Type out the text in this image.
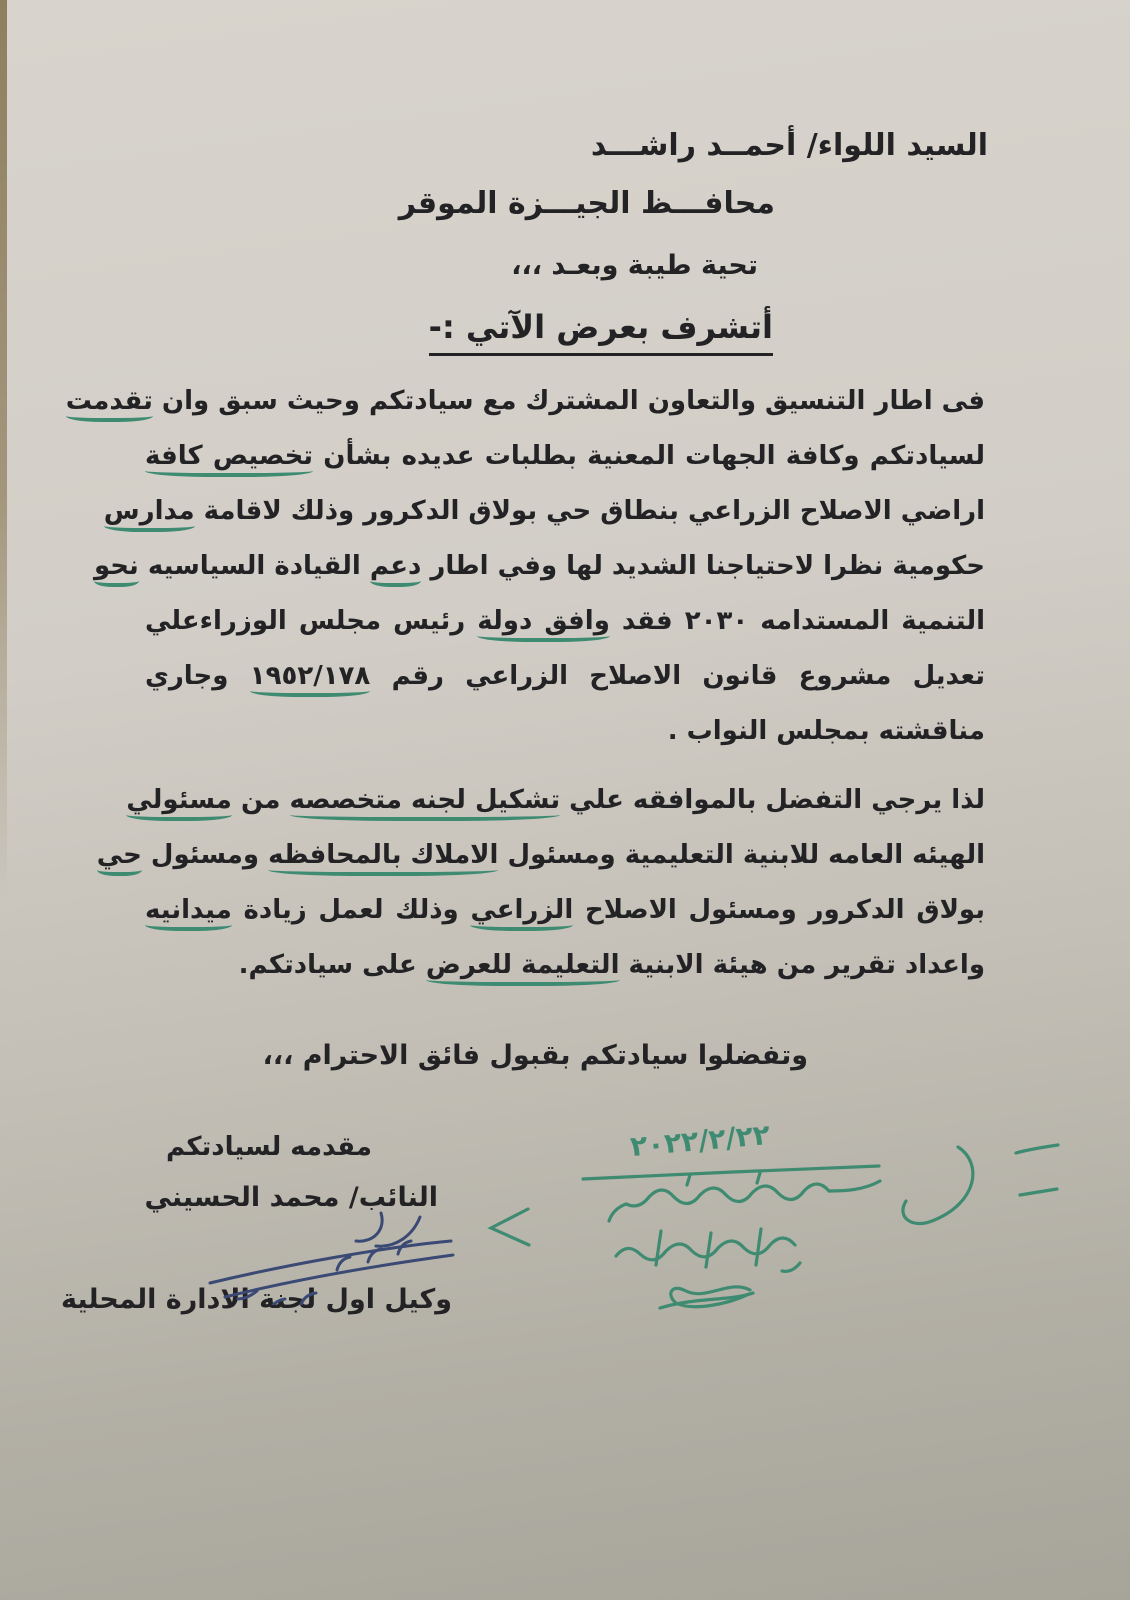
السيد اللواء/ أحمــد راشـــد
محافـــظ الجيـــزة الموقر
تحية طيبة وبعـد ،،،
أتشرف بعرض الآتي :-
فى اطار التنسيق والتعاون المشترك مع سيادتكم وحيث سبق وان تقدمت
لسيادتكم وكافة الجهات المعنية بطلبات عديده بشأن تخصيص كافة
اراضي الاصلاح الزراعي بنطاق حي بولاق الدكرور وذلك لاقامة مدارس
حكومية نظرا لاحتياجنا الشديد لها وفي اطار دعم القيادة السياسيه نحو
التنمية المستدامه ٢٠٣٠ فقد وافق دولة رئيس مجلس الوزراءعلي
تعديل مشروع قانون الاصلاح الزراعي رقم ١٩٥٢/١٧٨ وجاري
مناقشته بمجلس النواب .
لذا يرجي التفضل بالموافقه علي تشكيل لجنه متخصصه من مسئولي
الهيئه العامه للابنية التعليمية ومسئول الاملاك بالمحافظه ومسئول حي
بولاق الدكرور ومسئول الاصلاح الزراعي وذلك لعمل زيادة ميدانيه
واعداد تقرير من هيئة الابنية التعليمة للعرض على سيادتكم.
وتفضلوا سيادتكم بقبول فائق الاحترام ،،،
مقدمه لسيادتكم
النائب/ محمد الحسيني
وكيل اول لجنة الادارة المحلية
٢٠٢٢/٢/٢٢
